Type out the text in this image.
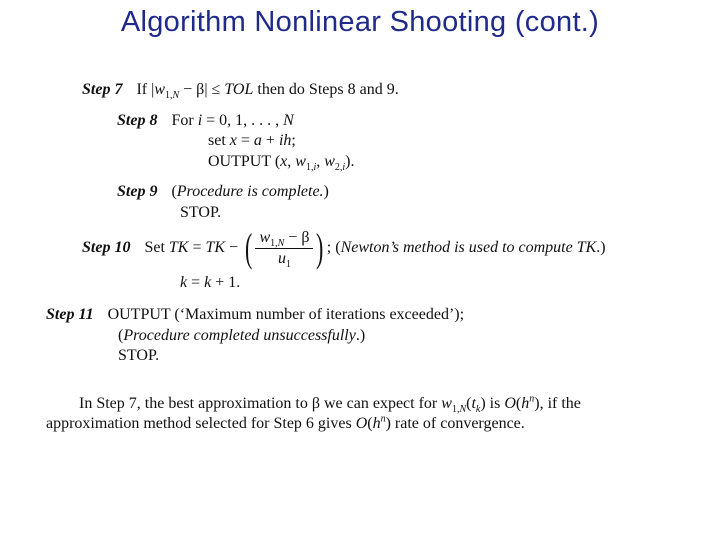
Algorithm Nonlinear Shooting (cont.)
Step 7 If $|w_{1,N} - \beta|$ ≤ TOL then do Steps 8 and 9.
Step 8 For i = 0, 1, . . . , N
set x = a + ih;
OUTPUT (x, $w_{1,i}$, $w_{2,i}$).
Step 9 (Procedure is complete.)
STOP.
Step 10 Set TK = TK − ( $\frac{w_{1,N} - \beta}{u_1}$ ) ; (Newton’s method is used to compute TK.)
k = k + 1.
Step 11 OUTPUT (‘Maximum number of iterations exceeded’);
(Procedure completed unsuccessfully.)
STOP.
In Step 7, the best approximation to β we can expect for $w_{1,N}(t_k)$ is $O(h^n)$, if the
approximation method selected for Step 6 gives $O(h^n)$ rate of convergence.
